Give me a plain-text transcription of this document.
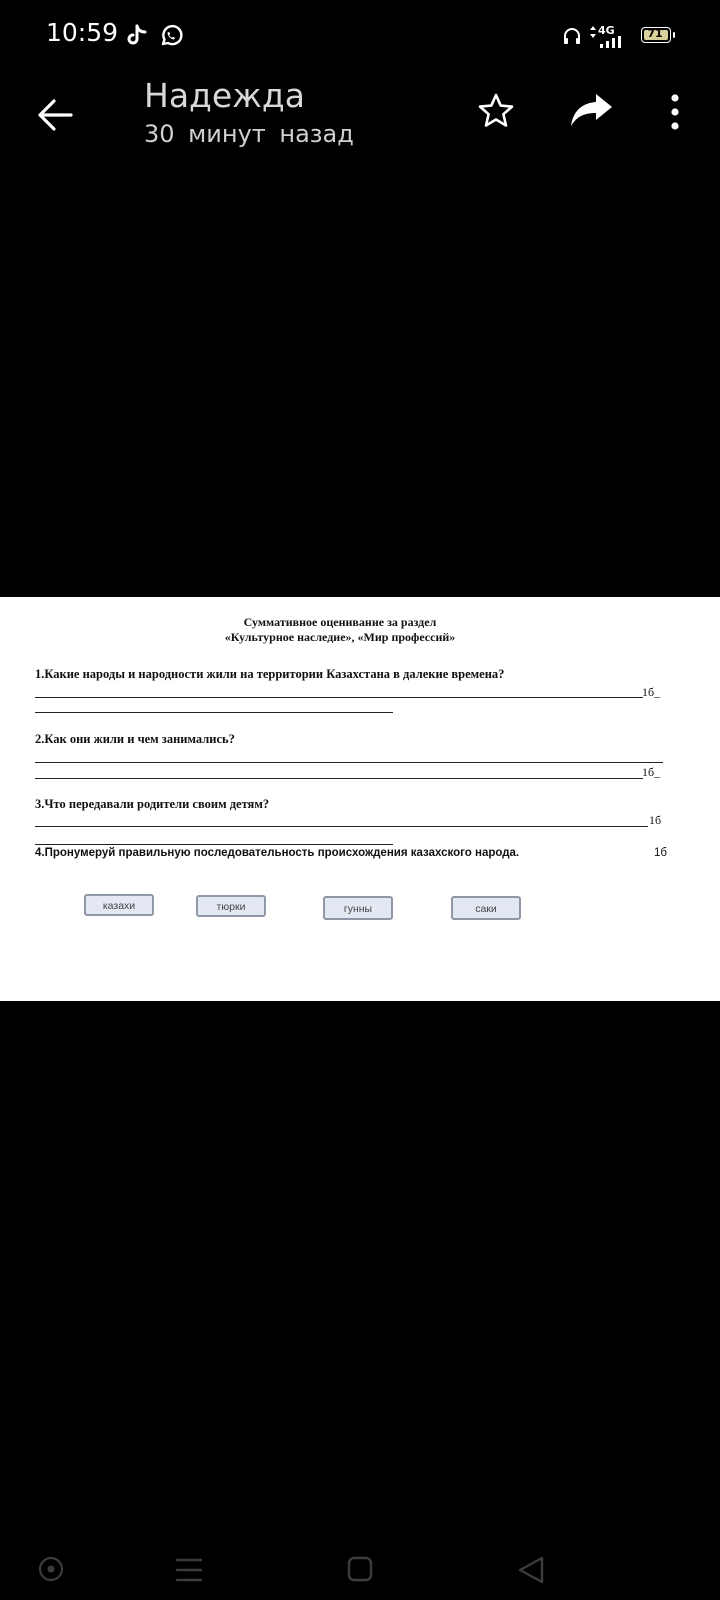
10:59	4G	71
Надежда
30 минут назад
Суммативное оценивание за раздел
«Культурное наследие», «Мир профессий»
1.Какие народы и народности жили на территории Казахстана в далекие времена?
1б_
2.Как они жили и чем занимались?
1б_
3.Что передавали родители своим детям?
1б
4.Пронумеруй правильную последовательность происхождения казахского народа.	1б
казахи	тюрки	гунны	саки
